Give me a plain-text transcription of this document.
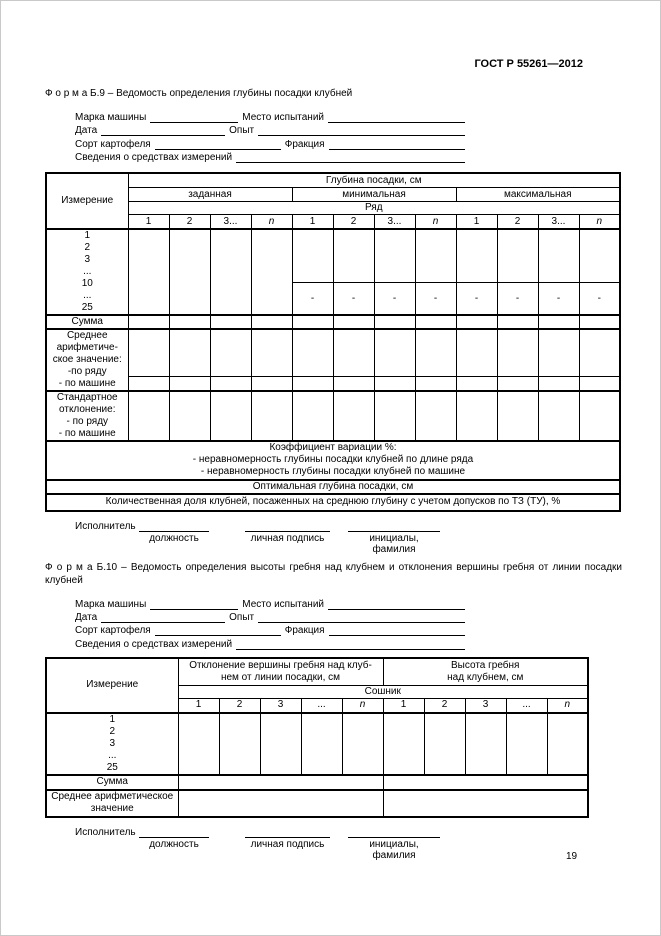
ГОСТ Р 55261—2012
Ф о р м а Б.9 – Ведомость определения глубины посадки клубней
Марка машины	Место испытаний
Дата	Опыт
Сорт картофеля	Фракция
Сведения о средствах измерений
Измерение	Глубина посадки, см											
	заданная				минимальная				максимальная			
	Ряд											
	1	2	3...	n	1	2	3...	n	1	2	3...	n

1
2
3
...
10
...
25

					-	-	-	-	-	-	-	-
Сумма												

Среднее
арифметиче-
ское значение:
-по ряду
- по машине												

Стандартное
отклонение:
- по ряду
- по машине												

Коэффициент вариации %:
- неравномерность глубины посадки клубней по длине ряда
- неравномерность глубины посадки клубней по машине												

Оптимальная глубина посадки, см												
Количественная доля клубней, посаженных на среднюю глубину с учетом допусков по ТЗ (ТУ), %												
Исполнитель
должность	личная подпись	инициалы, фамилия
Ф о р м а Б.10 – Ведомость определения высоты гребня над клубнем и отклонения вершины гребня от линии посадки клубней
Марка машины	Место испытаний
Дата	Опыт
Сорт картофеля	Фракция
Сведения о средствах измерений
Измерение	
Отклонение вершины гребня над клуб-
нем от линии посадки, см

Высота гребня
над клубнем, см

	Сошник									
	1	2	3	...	n	1	2	3	...	n

1
2
3
...
25										

Сумма										
Среднее арифметическое значение										
Исполнитель
должность	личная подпись	инициалы, фамилия	19
